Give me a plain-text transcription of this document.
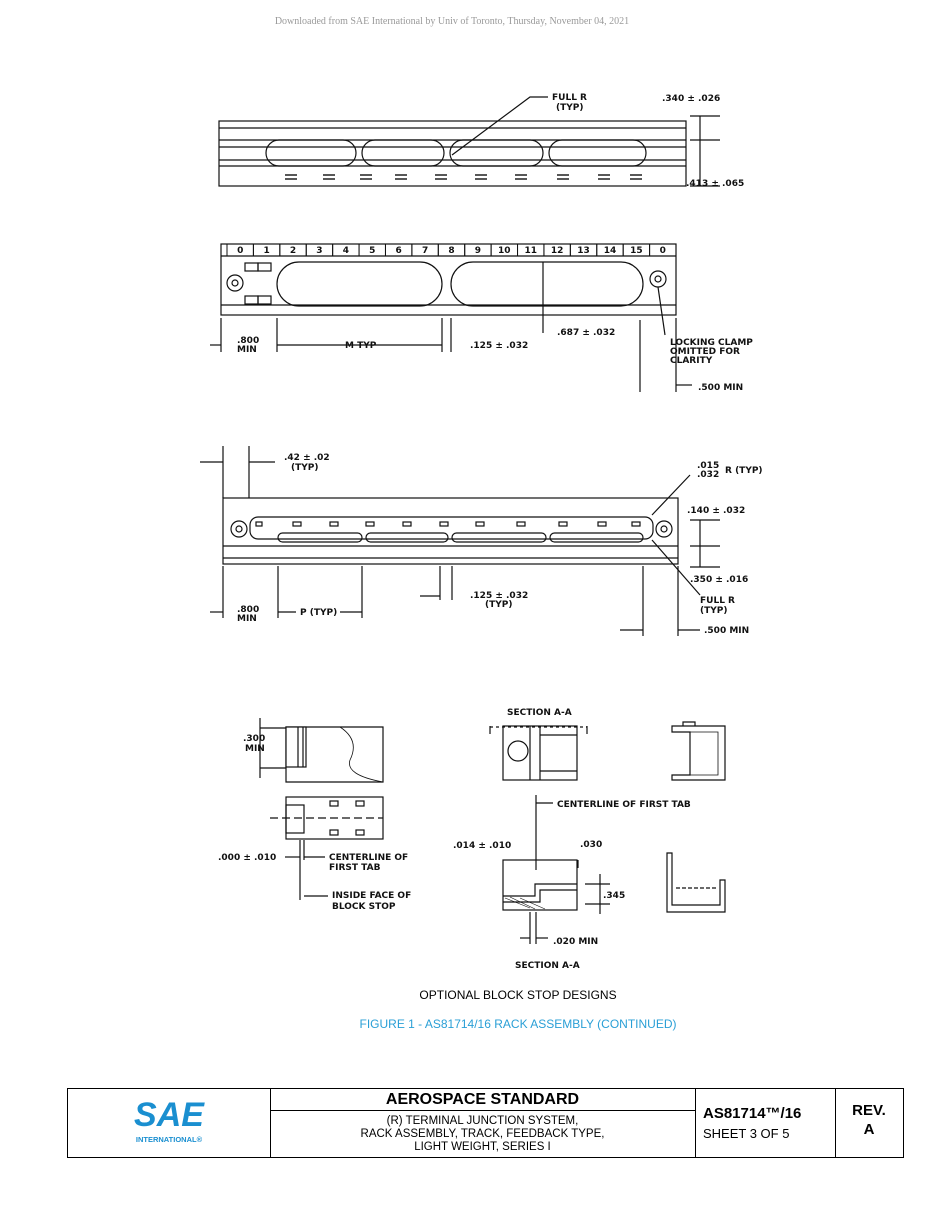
Downloaded from SAE International by Univ of Toronto, Thursday, November 04, 2021
FULL R
(TYP)
.340 ± .026
.413 ± .065
0 1 2 3 4 5 6 7 8 9 10 11 12 13 14 15 0
.800
MIN	M TYP	.125 ± .032
.687 ± .032
LOCKING CLAMP
OMITTED FOR
CLARITY
.500 MIN
.42 ± .02
(TYP)	.015
.032 R (TYP)
.140 ± .032
.350 ± .016
FULL R
(TYP)
.800
MIN
P (TYP)
.125 ± .032
(TYP)
.500 MIN
SECTION A-A
.300
MIN
.000 ± .010	CENTERLINE OF
FIRST TAB
INSIDE FACE OF
BLOCK STOP
CENTERLINE OF FIRST TAB
.014 ± .010	.030
.345
.020 MIN
SECTION A-A
OPTIONAL BLOCK STOP DESIGNS
FIGURE 1 - AS81714/16 RACK ASSEMBLY (CONTINUED)
SAE
INTERNATIONAL®
AEROSPACE STANDARD
(R) TERMINAL JUNCTION SYSTEM,
RACK ASSEMBLY, TRACK, FEEDBACK TYPE,
LIGHT WEIGHT, SERIES I
AS81714™/16
SHEET 3 OF 5
REV.
A
